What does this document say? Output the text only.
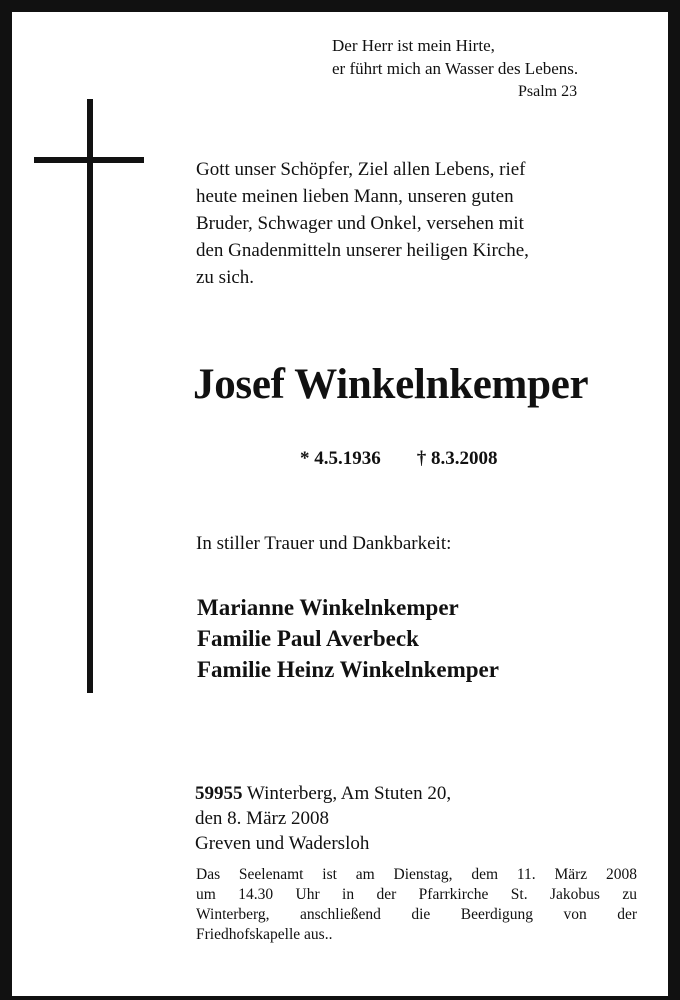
Der Herr ist mein Hirte,
er führt mich an Wasser des Lebens.
Psalm 23
Gott unser Schöpfer, Ziel allen Lebens, rief
heute meinen lieben Mann, unseren guten
Bruder, Schwager und Onkel, versehen mit
den Gnadenmitteln unserer heiligen Kirche,
zu sich.
Josef Winkelnkemper
* 4.5.1936 † 8.3.2008
In stiller Trauer und Dankbarkeit:
Marianne Winkelnkemper
Familie Paul Averbeck
Familie Heinz Winkelnkemper
59955 Winterberg, Am Stuten 20,
den 8. März 2008
Greven und Wadersloh
Das Seelenamt ist am Dienstag, dem 11. März 2008
um 14.30 Uhr in der Pfarrkirche St. Jakobus zu
Winterberg, anschließend die Beerdigung von der
Friedhofskapelle aus..
